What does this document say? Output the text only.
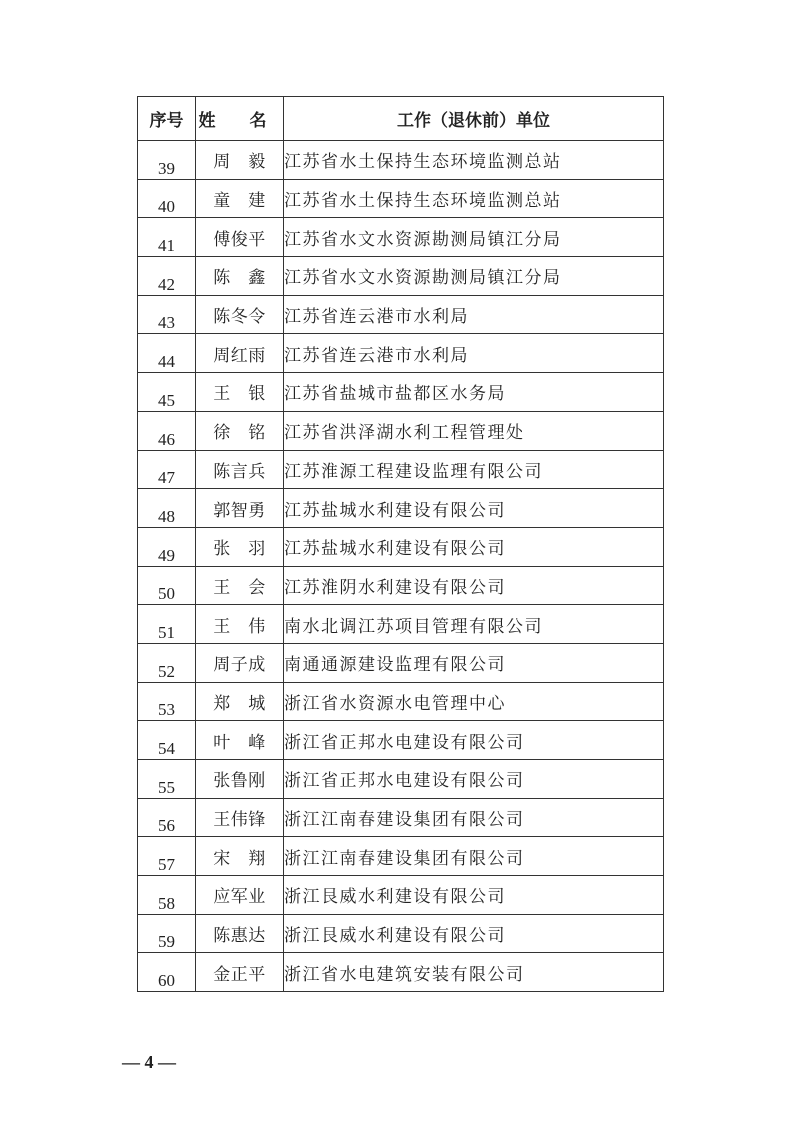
序号	姓 名	工作（退休前）单位
39	周　毅	江苏省水土保持生态环境监测总站
40	童　建	江苏省水土保持生态环境监测总站
41	傅俊平	江苏省水文水资源勘测局镇江分局
42	陈　鑫	江苏省水文水资源勘测局镇江分局
43	陈冬令	江苏省连云港市水利局
44	周红雨	江苏省连云港市水利局
45	王　银	江苏省盐城市盐都区水务局
46	徐　铭	江苏省洪泽湖水利工程管理处
47	陈言兵	江苏淮源工程建设监理有限公司
48	郭智勇	江苏盐城水利建设有限公司
49	张　羽	江苏盐城水利建设有限公司
50	王　会	江苏淮阴水利建设有限公司
51	王　伟	南水北调江苏项目管理有限公司
52	周子成	南通通源建设监理有限公司
53	郑　城	浙江省水资源水电管理中心
54	叶　峰	浙江省正邦水电建设有限公司
55	张鲁刚	浙江省正邦水电建设有限公司
56	王伟锋	浙江江南春建设集团有限公司
57	宋　翔	浙江江南春建设集团有限公司
58	应军业	浙江艮威水利建设有限公司
59	陈惠达	浙江艮威水利建设有限公司
60	金正平	浙江省水电建筑安装有限公司
— 4 —
